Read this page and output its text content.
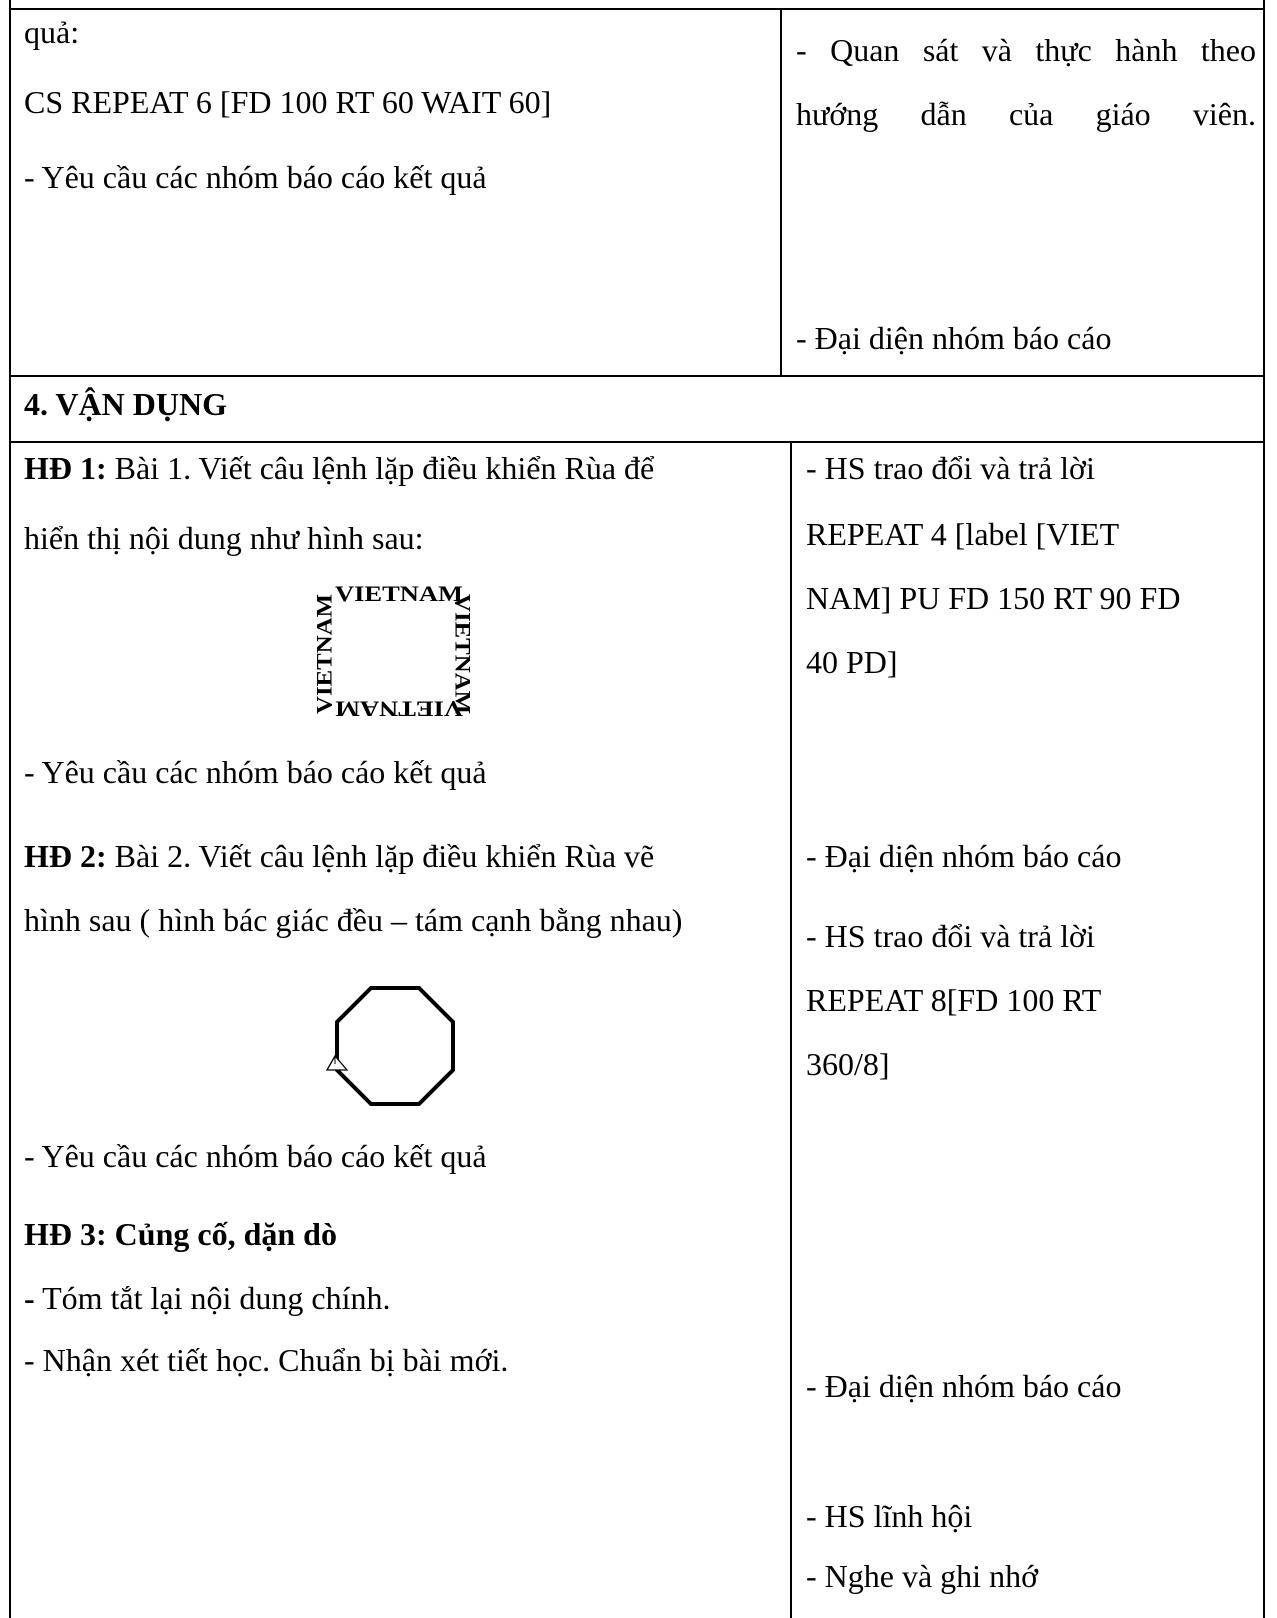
quả:
CS REPEAT 6 [FD 100 RT 60 WAIT 60]
- Yêu cầu các nhóm báo cáo kết quả
- Quan sát và thực hành theo
hướng dẫn của giáo viên.
- Đại diện nhóm báo cáo
4. VẬN DỤNG
HĐ 1: Bài 1. Viết câu lệnh lặp điều khiển Rùa để
hiển thị nội dung như hình sau:
VIETNAM
VIETNAM
VIETNAM
VIETNAM
- Yêu cầu các nhóm báo cáo kết quả
HĐ 2: Bài 2. Viết câu lệnh lặp điều khiển Rùa vẽ
hình sau ( hình bác giác đều – tám cạnh bằng nhau)
- Yêu cầu các nhóm báo cáo kết quả
HĐ 3: Củng cố, dặn dò
- Tóm tắt lại nội dung chính.
- Nhận xét tiết học. Chuẩn bị bài mới.
- HS trao đổi và trả lời
REPEAT 4 [label [VIET
NAM] PU FD 150 RT 90 FD
40 PD]
- Đại diện nhóm báo cáo
- HS trao đổi và trả lời
REPEAT 8[FD 100 RT
360/8]
- Đại diện nhóm báo cáo
- HS lĩnh hội
- Nghe và ghi nhớ
